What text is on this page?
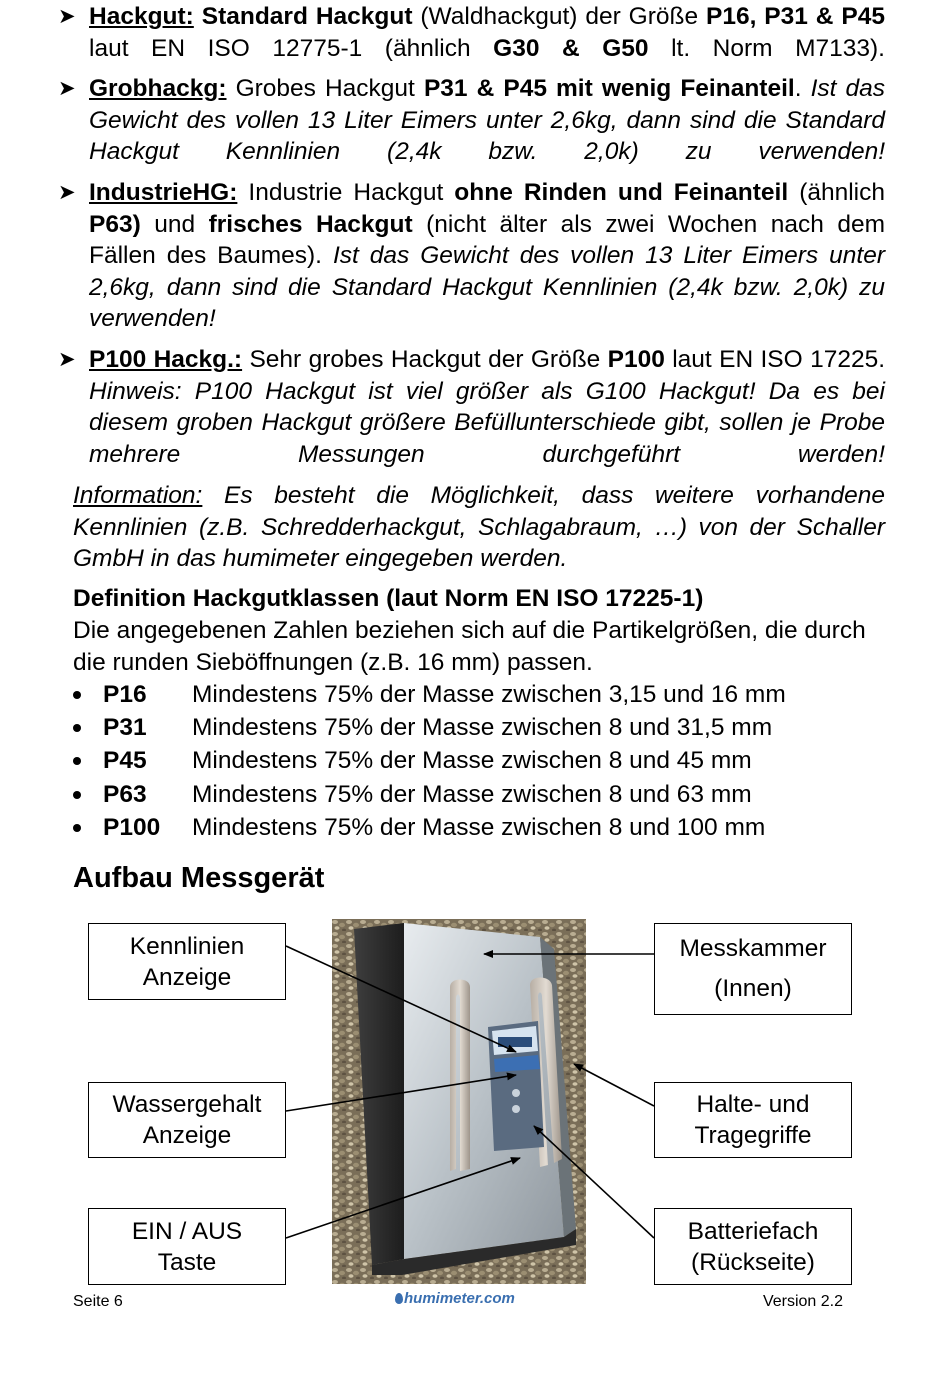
➤ Hackgut: Standard Hackgut (Waldhackgut) der Größe P16, P31 & P45 laut EN ISO 12775-1 (ähnlich G30 & G50 lt. Norm M7133).
➤ Grobhackg: Grobes Hackgut P31 & P45 mit wenig Feinanteil. Ist das Gewicht des vollen 13 Liter Eimers unter 2,6kg, dann sind die Standard Hackgut Kennlinien (2,4k bzw. 2,0k) zu verwenden!
➤ IndustrieHG: Industrie Hackgut ohne Rinden und Feinanteil (ähnlich P63) und frisches Hackgut (nicht älter als zwei Wochen nach dem Fällen des Baumes). Ist das Gewicht des vollen 13 Liter Eimers unter 2,6kg, dann sind die Standard Hackgut Kennlinien (2,4k bzw. 2,0k) zu verwenden!
➤ P100 Hackg.: Sehr grobes Hackgut der Größe P100 laut EN ISO 17225. Hinweis: P100 Hackgut ist viel größer als G100 Hackgut! Da es bei diesem groben Hackgut größere Befüllunterschiede gibt, sollen je Probe mehrere Messungen durchgeführt werden!
Information: Es besteht die Möglichkeit, dass weitere vorhandene Kennlinien (z.B. Schredderhackgut, Schlagabraum, …) von der Schaller GmbH in das humimeter eingegeben werden.
Definition Hackgutklassen (laut Norm EN ISO 17225-1)
Die angegebenen Zahlen beziehen sich auf die Partikelgrößen, die durch die runden Sieböffnungen (z.B. 16 mm) passen.
P16 Mindestens 75% der Masse zwischen 3,15 und 16 mm
P31 Mindestens 75% der Masse zwischen 8 und 31,5 mm
P45 Mindestens 75% der Masse zwischen 8 und 45 mm
P63 Mindestens 75% der Masse zwischen 8 und 63 mm
P100 Mindestens 75% der Masse zwischen 8 und 100 mm
Aufbau Messgerät
Kennlinien
Anzeige
Wassergehalt
Anzeige
EIN / AUS
Taste
Messkammer
(Innen)
Halte- und
Tragegriffe
Batteriefach
(Rückseite)
Seite 6	humimeter.com	Version 2.2
